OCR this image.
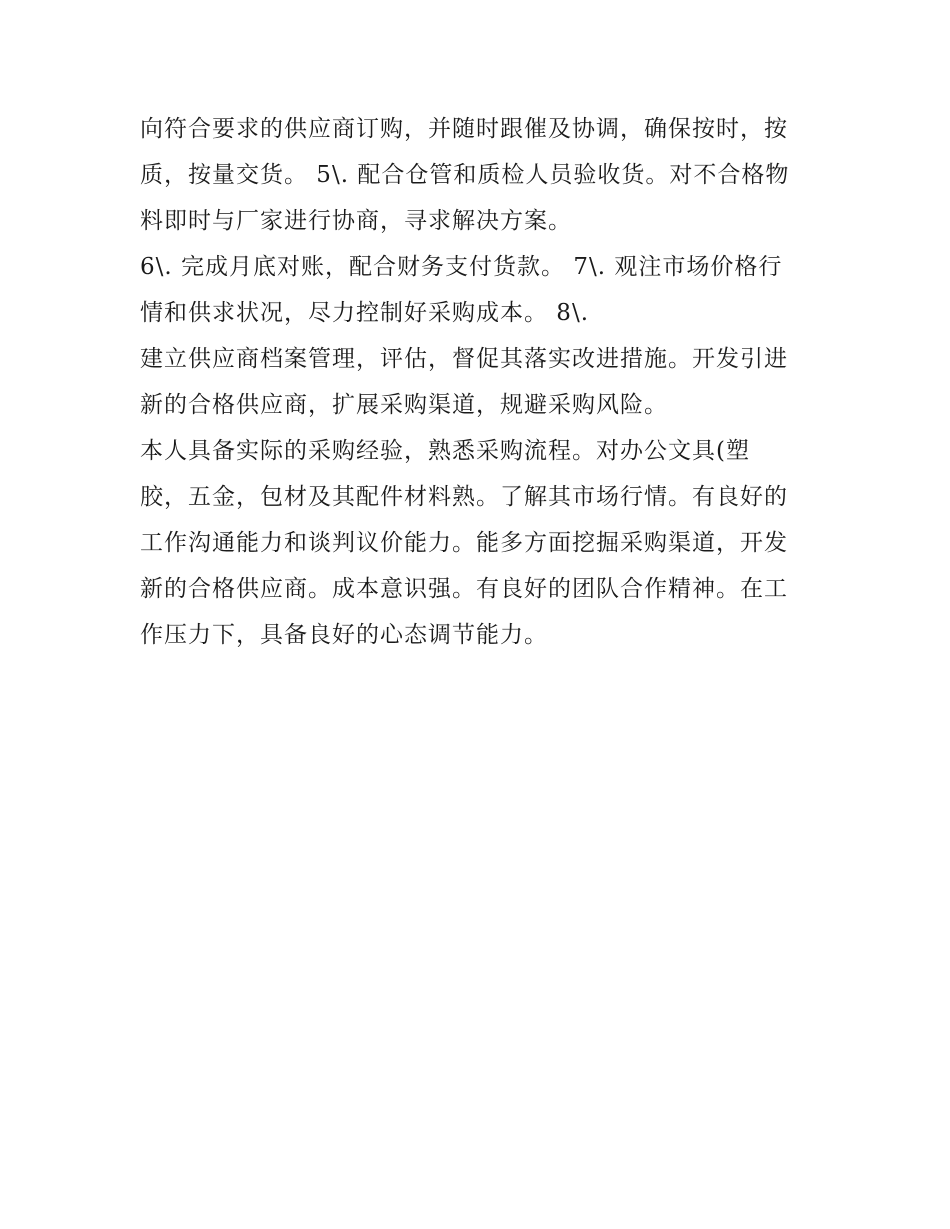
向符合要求的供应商订购，并随时跟催及协调，确保按时，按
质，按量交货。 5\. 配合仓管和质检人员验收货。对不合格物
料即时与厂家进行协商，寻求解决方案。
6\. 完成月底对账，配合财务支付货款。 7\. 观注市场价格行
情和供求状况，尽力控制好采购成本。 8\.
建立供应商档案管理，评估，督促其落实改进措施。开发引进
新的合格供应商，扩展采购渠道，规避采购风险。
本人具备实际的采购经验，熟悉采购流程。对办公文具(塑
胶，五金，包材及其配件材料熟。了解其市场行情。有良好的
工作沟通能力和谈判议价能力。能多方面挖掘采购渠道，开发
新的合格供应商。成本意识强。有良好的团队合作精神。在工
作压力下，具备良好的心态调节能力。
